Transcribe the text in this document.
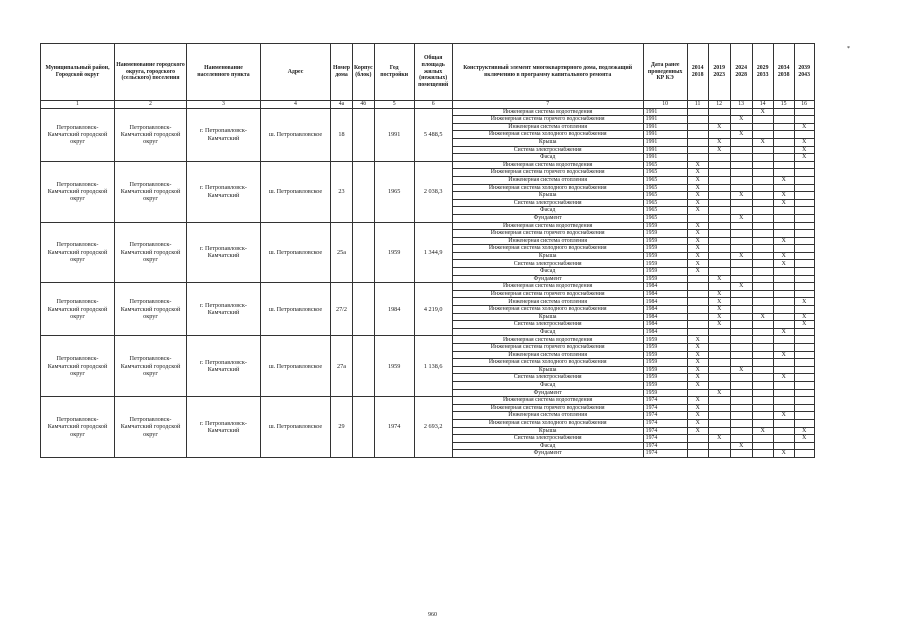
*
Муниципальный район, Городской округ	Наименование городского округа, городского (сельского) поселения	Наименование населенного пункта	Адрес	Номер дома	Корпус (блок)	Год постройки	Общая площадь жилых (нежилых) помещений	Конструктивный элемент многоквартирного дома, подлежащий включению в программу капитального ремонта	Дата ранее проведенных КР КЭ	2014 2018	2019 2023	2024 2028	2029 2033	2034 2038	2039 2043
1	2	3	4	4а	4б	5	6	7	10	11	12	13	14	15	16
Петропавловск-Камчатский городской округ	Петропавловск-Камчатский городской округ	г. Петропавловск-Камчатский	ш. Петропавловское	18		1991	5 488,5	Инженерная система водоотведения	1991				Х		
								Инженерная система горячего водоснабжения	1991			Х			
								Инженерная система отопления	1991		Х				Х
								Инженерная система холодного водоснабжения	1991			Х			
								Крыша	1991		Х		Х		Х
								Система электроснабжения	1991		Х				Х
								Фасад	1991						Х
Петропавловск-Камчатский городской округ	Петропавловск-Камчатский городской округ	г. Петропавловск-Камчатский	ш. Петропавловское	23		1965	2 038,3	Инженерная система водоотведения	1965	Х					
								Инженерная система горячего водоснабжения	1965	Х					
								Инженерная система отопления	1965	Х				Х	
								Инженерная система холодного водоснабжения	1965	Х					
								Крыша	1965	Х		Х		Х	
								Система электроснабжения	1965	Х				Х	
								Фасад	1965	Х					
								Фундамент	1965			Х			
Петропавловск-Камчатский городской округ	Петропавловск-Камчатский городской округ	г. Петропавловск-Камчатский	ш. Петропавловское	25а		1959	1 344,9	Инженерная система водоотведения	1959	Х					
								Инженерная система горячего водоснабжения	1959	Х					
								Инженерная система отопления	1959	Х				Х	
								Инженерная система холодного водоснабжения	1959	Х					
								Крыша	1959	Х		Х		Х	
								Система электроснабжения	1959	Х				Х	
								Фасад	1959	Х					
								Фундамент	1959		Х				
Петропавловск-Камчатский городской округ	Петропавловск-Камчатский городской округ	г. Петропавловск-Камчатский	ш. Петропавловское	27/2		1984	4 219,0	Инженерная система водоотведения	1984			Х			
								Инженерная система горячего водоснабжения	1984		Х				
								Инженерная система отопления	1984		Х				Х
								Инженерная система холодного водоснабжения	1984		Х				
								Крыша	1984		Х		Х		Х
								Система электроснабжения	1984		Х				Х
								Фасад	1984					Х	
Петропавловск-Камчатский городской округ	Петропавловск-Камчатский городской округ	г. Петропавловск-Камчатский	ш. Петропавловское	27а		1959	1 138,6	Инженерная система водоотведения	1959	Х					
								Инженерная система горячего водоснабжения	1959	Х					
								Инженерная система отопления	1959	Х				Х	
								Инженерная система холодного водоснабжения	1959	Х					
								Крыша	1959	Х		Х			
								Система электроснабжения	1959	Х				Х	
								Фасад	1959	Х					
								Фундамент	1959		Х				
Петропавловск-Камчатский городской округ	Петропавловск-Камчатский городской округ	г. Петропавловск-Камчатский	ш. Петропавловское	29		1974	2 693,2	Инженерная система водоотведения	1974	Х					
								Инженерная система горячего водоснабжения	1974	Х					
								Инженерная система отопления	1974	Х				Х	
								Инженерная система холодного водоснабжения	1974	Х					
								Крыша	1974	Х			Х		Х
								Система электроснабжения	1974		Х				Х
								Фасад	1974			Х			
								Фундамент	1974					Х	
960
